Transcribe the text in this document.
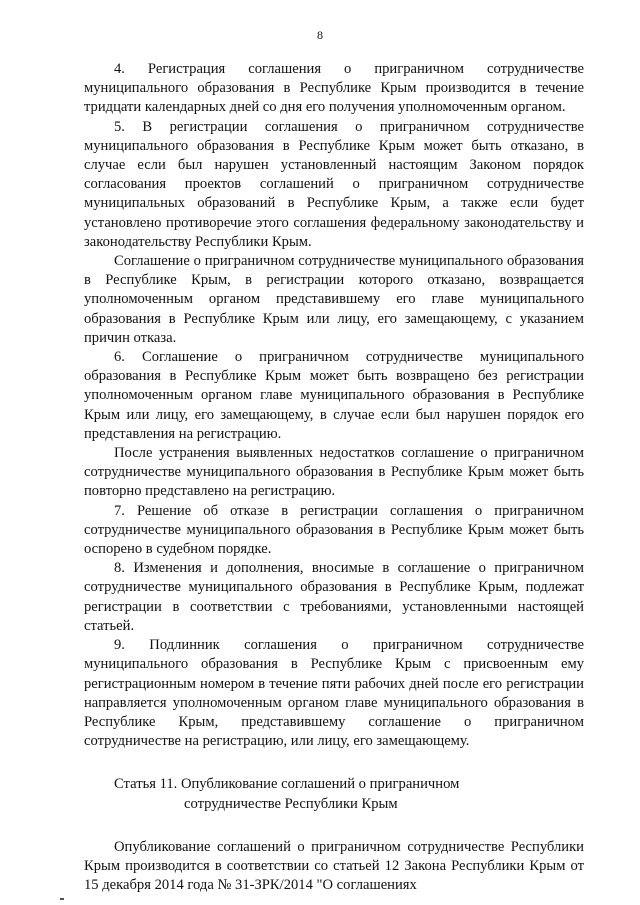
8

4. Регистрация соглашения о приграничном сотрудничестве муниципального образования в Республике Крым производится в течение тридцати календарных дней со дня его получения уполномоченным органом.

5. В регистрации соглашения о приграничном сотрудничестве муниципального образования в Республике Крым может быть отказано, в случае если был нарушен установленный настоящим Законом порядок согласования проектов соглашений о приграничном сотрудничестве муниципальных образований в Республике Крым, а также если будет установлено противоречие этого соглашения федеральному законодательству и законодательству Республики Крым.

Соглашение о приграничном сотрудничестве муниципального образования в Республике Крым, в регистрации которого отказано, возвращается уполномоченным органом представившему его главе муниципального образования в Республике Крым или лицу, его замещающему, с указанием причин отказа.

6. Соглашение о приграничном сотрудничестве муниципального образования в Республике Крым может быть возвращено без регистрации уполномоченным органом главе муниципального образования в Республике Крым или лицу, его замещающему, в случае если был нарушен порядок его представления на регистрацию.

После устранения выявленных недостатков соглашение о приграничном сотрудничестве муниципального образования в Республике Крым может быть повторно представлено на регистрацию.

7. Решение об отказе в регистрации соглашения о приграничном сотрудничестве муниципального образования в Республике Крым может быть оспорено в судебном порядке.

8. Изменения и дополнения, вносимые в соглашение о приграничном сотрудничестве муниципального образования в Республике Крым, подлежат регистрации в соответствии с требованиями, установленными настоящей статьей.

9. Подлинник соглашения о приграничном сотрудничестве муниципального образования в Республике Крым с присвоенным ему регистрационным номером в течение пяти рабочих дней после его регистрации направляется уполномоченным органом главе муниципального образования в Республике Крым, представившему соглашение о приграничном сотрудничестве на регистрацию, или лицу, его замещающему.

Статья 11. Опубликование соглашений о приграничном
сотрудничестве Республики Крым

Опубликование соглашений о приграничном сотрудничестве Республики Крым производится в соответствии со статьей 12 Закона Республики Крым от 15 декабря 2014 года № 31-ЗРК/2014 "О соглашениях
